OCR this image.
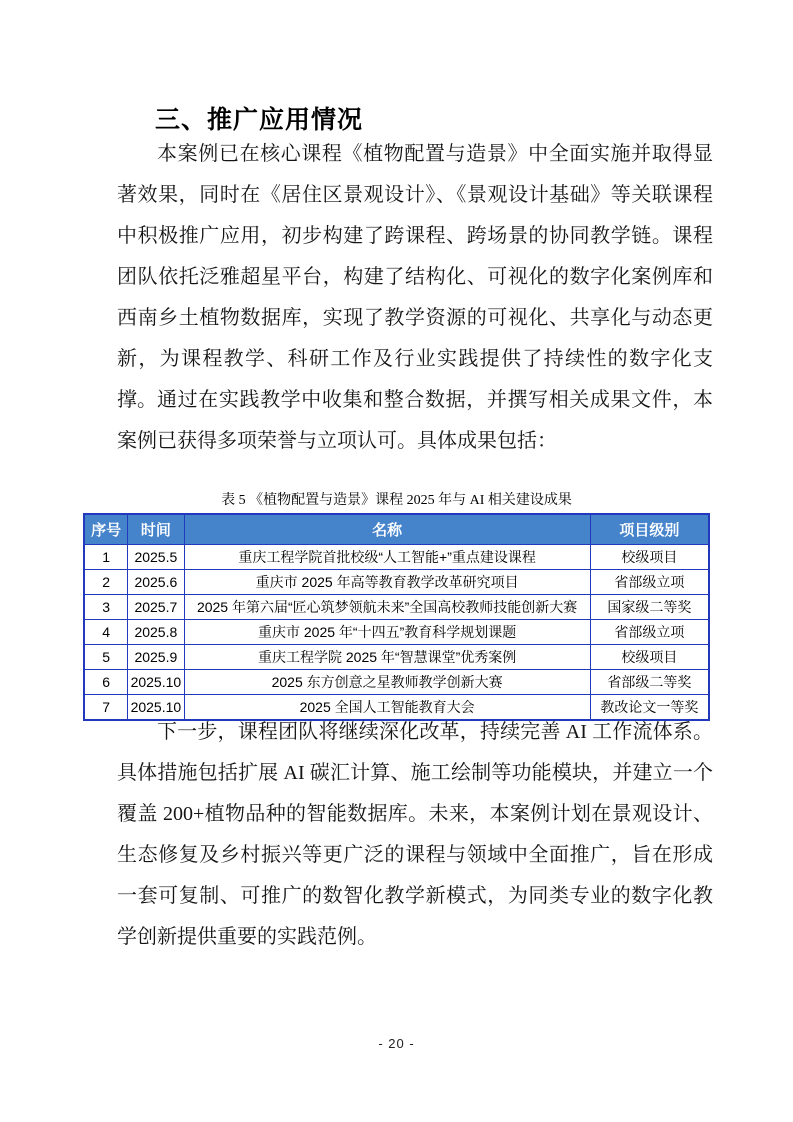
三、推广应用情况

本案例已在核心课程《植物配置与造景》中全面实施并取得显著效果，同时在《居住区景观设计》、《景观设计基础》等关联课程中积极推广应用，初步构建了跨课程、跨场景的协同教学链。课程团队依托泛雅超星平台，构建了结构化、可视化的数字化案例库和西南乡土植物数据库，实现了教学资源的可视化、共享化与动态更新，为课程教学、科研工作及行业实践提供了持续性的数字化支撑。 通过在实践教学中收集和整合数据，并撰写相关成果文件，本案例已获得多项荣誉与立项认可。具体成果包括：

表 5 《植物配置与造景》课程 2025 年与 AI 相关建设成果
序号	时间	名称	项目级别
1	2025.5	重庆工程学院首批校级“人工智能+”重点建设课程	校级项目
2	2025.6	重庆市 2025 年高等教育教学改革研究项目	省部级立项
3	2025.7	2025 年第六届“匠心筑梦领航未来”全国高校教师技能创新大赛	国家级二等奖
4	2025.8	重庆市 2025 年“十四五”教育科学规划课题	省部级立项
5	2025.9	重庆工程学院 2025 年“智慧课堂”优秀案例	校级项目
6	2025.10	2025 东方创意之星教师教学创新大赛	省部级二等奖
7	2025.10	2025 全国人工智能教育大会	教改论文一等奖

下一步，课程团队将继续深化改革，持续完善 AI 工作流体系。具体措施包括扩展 AI 碳汇计算、施工绘制等功能模块，并建立一个覆盖 200+植物品种的智能数据库。未来，本案例计划在景观设计、生态修复及乡村振兴等更广泛的课程与领域中全面推广，旨在形成一套可复制、可推广的数智化教学新模式，为同类专业的数字化教学创新提供重要的实践范例。

- 20 -
